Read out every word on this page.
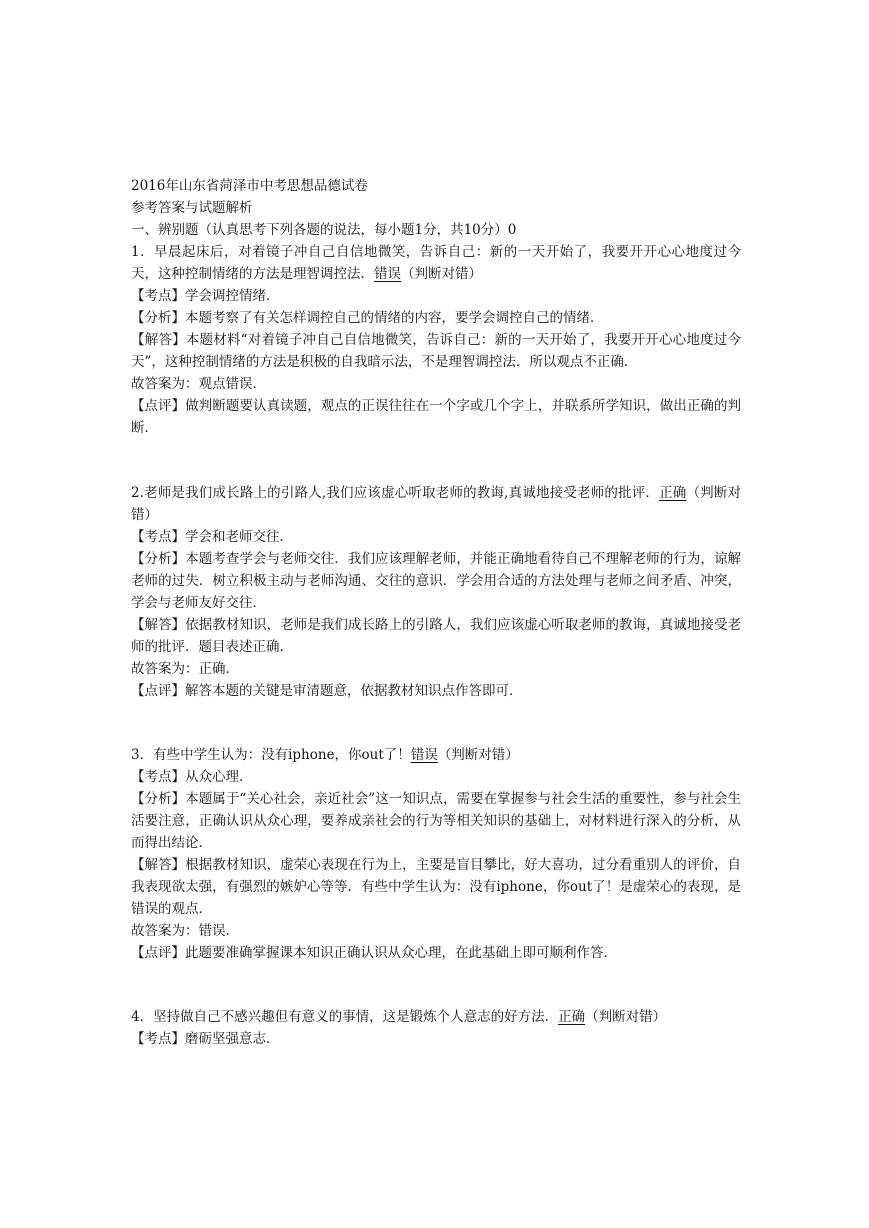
2016年山东省菏泽市中考思想品德试卷

参考答案与试题解析

一、辨别题（认真思考下列各题的说法，每小题1分，共10分）0

1．早晨起床后，对着镜子冲自己自信地微笑，告诉自己：新的一天开始了，我要开开心心地度过今天，这种控制情绪的方法是理智调控法．错误（判断对错）

【考点】学会调控情绪．

【分析】本题考察了有关怎样调控自己的情绪的内容，要学会调控自己的情绪．

【解答】本题材料“对着镜子冲自己自信地微笑，告诉自己：新的一天开始了，我要开开心心地度过今天”，这种控制情绪的方法是积极的自我暗示法，不是理智调控法．所以观点不正确．

故答案为：观点错误．

【点评】做判断题要认真读题，观点的正误往往在一个字或几个字上，并联系所学知识，做出正确的判断．

2.老师是我们成长路上的引路人,我们应该虚心听取老师的教诲,真诚地接受老师的批评．正确（判断对错）

【考点】学会和老师交往．

【分析】本题考查学会与老师交往．我们应该理解老师，并能正确地看待自己不理解老师的行为，谅解老师的过失．树立积极主动与老师沟通、交往的意识．学会用合适的方法处理与老师之间矛盾、冲突，学会与老师友好交往．

【解答】依据教材知识，老师是我们成长路上的引路人，我们应该虚心听取老师的教诲，真诚地接受老师的批评．题目表述正确．

故答案为：正确．

【点评】解答本题的关键是审清题意，依据教材知识点作答即可．

3．有些中学生认为：没有iphone，你out了！错误（判断对错）

【考点】从众心理．

【分析】本题属于“关心社会，亲近社会”这一知识点，需要在掌握参与社会生活的重要性，参与社会生活要注意，正确认识从众心理，要养成亲社会的行为等相关知识的基础上，对材料进行深入的分析，从而得出结论．

【解答】根据教材知识，虚荣心表现在行为上，主要是盲目攀比，好大喜功，过分看重别人的评价，自我表现欲太强，有强烈的嫉妒心等等．有些中学生认为：没有iphone，你out了！是虚荣心的表现，是错误的观点．

故答案为：错误．

【点评】此题要准确掌握课本知识正确认识从众心理，在此基础上即可顺利作答．

4．坚持做自己不感兴趣但有意义的事情，这是锻炼个人意志的好方法．正确（判断对错）

【考点】磨砺坚强意志．
